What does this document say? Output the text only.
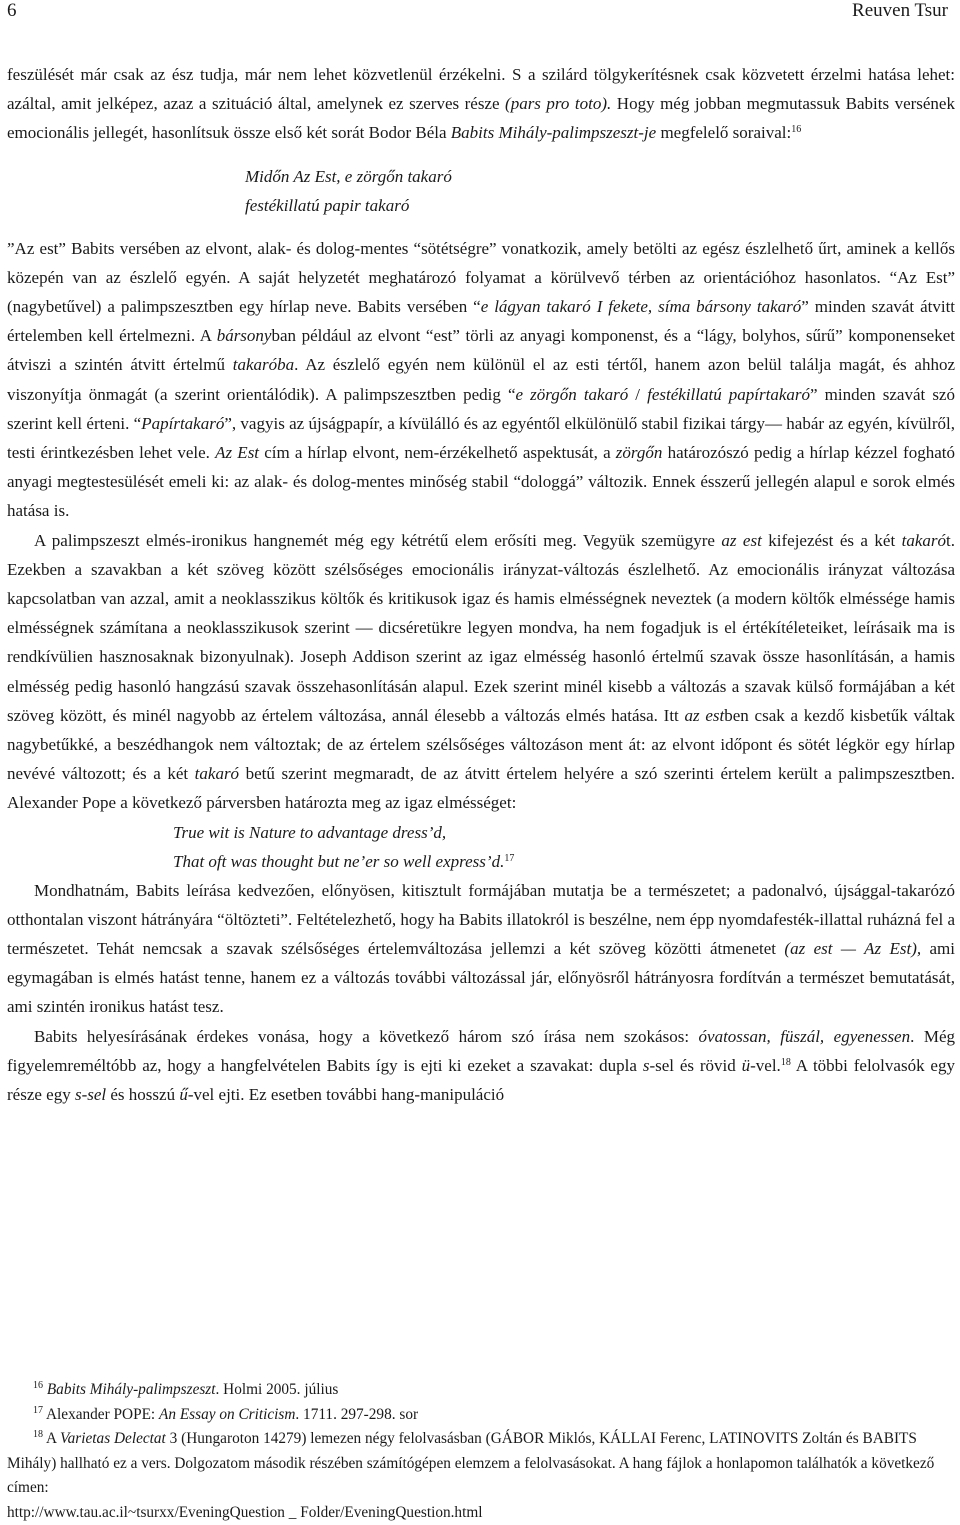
6	Reuven Tsur

feszülését már csak az ész tudja, már nem lehet közvetlenül érzékelni. S a szilárd tölgykerítésnek csak közvetett érzelmi hatása lehet: azáltal, amit jelképez, azaz a szituáció által, amelynek ez szerves része (pars pro toto). Hogy még jobban megmutassuk Babits versének emocionális jellegét, hasonlítsuk össze első két sorát Bodor Béla Babits Mihály-palimpszeszt-je megfelelő soraival:$^{16}$

Midőn Az Est, e zörgőn takaró

festékillatú papir takaró

”Az est” Babits versében az elvont, alak- és dolog-mentes “sötétségre” vonatkozik, amely betölti az egész észlelhető űrt, aminek a kellős közepén van az észlelő egyén. A saját helyzetét meghatározó folyamat a körülvevő térben az orientációhoz hasonlatos. “Az Est” (nagybetűvel) a palimpszesztben egy hírlap neve. Babits versében “e lágyan takaró I fekete, síma bársony takaró” minden szavát átvitt értelemben kell értelmezni. A bársonyban például az elvont “est” törli az anyagi komponenst, és a “lágy, bolyhos, sűrű” komponenseket átviszi a szintén átvitt értelmű takaróba. Az észlelő egyén nem különül el az esti tértől, hanem azon belül találja magát, és ahhoz viszonyítja önmagát (a szerint orientálódik). A palimpszesztben pedig “e zörgőn takaró / festékillatú papírtakaró” minden szavát szó szerint kell érteni. “Papírtakaró”, vagyis az újságpapír, a kívülálló és az egyéntől elkülönülő stabil fizikai tárgy— habár az egyén, kívülről, testi érintkezésben lehet vele. Az Est cím a hírlap elvont, nem-érzékelhető aspektusát, a zörgőn határozószó pedig a hírlap kézzel fogható anyagi megtestesülését emeli ki: az alak- és dolog-mentes minőség stabil “dologgá” változik. Ennek ésszerű jellegén alapul e sorok elmés hatása is.

A palimpszeszt elmés-ironikus hangnemét még egy kétrétű elem erősíti meg. Vegyük szemügyre az est kifejezést és a két takarót. Ezekben a szavakban a két szöveg között szélsőséges emocionális irányzat-változás észlelhető. Az emocionális irányzat változása kapcsolatban van azzal, amit a neoklasszikus költők és kritikusok igaz és hamis elmésségnek neveztek (a modern költők elméssége hamis elmésségnek számítana a neoklasszikusok szerint — dicséretükre legyen mondva, ha nem fogadjuk is el értékítéleteiket, leírásaik ma is rendkívülien hasznosaknak bizonyulnak). Joseph Addison szerint az igaz elmésség hasonló értelmű szavak össze hasonlításán, a hamis elmésség pedig hasonló hangzású szavak összehasonlításán alapul. Ezek szerint minél kisebb a változás a szavak külső formájában a két szöveg között, és minél nagyobb az értelem változása, annál élesebb a változás elmés hatása. Itt az estben csak a kezdő kisbetűk váltak nagybetűkké, a beszédhangok nem változtak; de az értelem szélsőséges változáson ment át: az elvont időpont és sötét légkör egy hírlap nevévé változott; és a két takaró betű szerint megmaradt, de az átvitt értelem helyére a szó szerinti értelem került a palimpszesztben. Alexander Pope a következő párversben határozta meg az igaz elmésséget:

True wit is Nature to advantage dress’d,

That oft was thought but ne’er so well express’d.$^{17}$

Mondhatnám, Babits leírása kedvezően, előnyösen, kitisztult formájában mutatja be a természetet; a padonalvó, újsággal-takarózó otthontalan viszont hátrányára “öltözteti”. Feltételezhető, hogy ha Babits illatokról is beszélne, nem épp nyomdafesték-illattal ruházná fel a természetet. Tehát nemcsak a szavak szélsőséges értelemváltozása jellemzi a két szöveg közötti átmenetet (az est — Az Est), ami egymagában is elmés hatást tenne, hanem ez a változás további változással jár, előnyösről hátrányosra fordítván a természet bemutatását, ami szintén ironikus hatást tesz.

Babits helyesírásának érdekes vonása, hogy a következő három szó írása nem szokásos: óvatossan, füszál, egyenessen. Még figyelemreméltóbb az, hogy a hangfelvételen Babits így is ejti ki ezeket a szavakat: dupla s-sel és rövid ü-vel.$^{18}$ A többi felolvasók egy része egy s-sel és hosszú ű-vel ejti. Ez esetben további hang-manipuláció

$^{16}$ Babits Mihály-palimpszeszt. Holmi 2005. július

$^{17}$ Alexander POPE: An Essay on Criticism. 1711. 297-298. sor

$^{18}$ A Varietas Delectat 3 (Hungaroton 14279) lemezen négy felolvasásban (GÁBOR Miklós, KÁLLAI Ferenc, LATINOVITS Zoltán és BABITS Mihály) hallható ez a vers. Dolgozatom második részében számítógépen elemzem a felolvasásokat. A hang fájlok a honlapomon találhatók a következő címen:

http://www.tau.ac.il~tsurxx/EveningQuestion _ Folder/EveningQuestion.html
